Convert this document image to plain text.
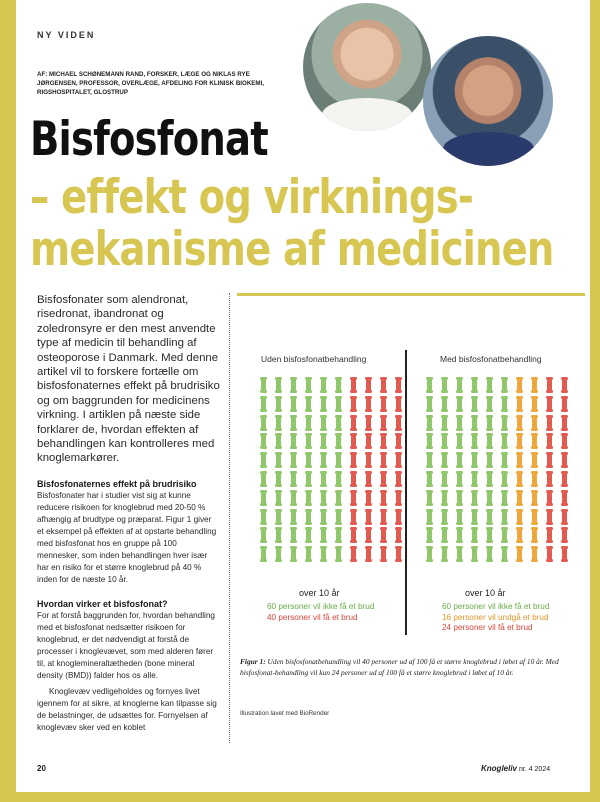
NY VIDEN
AF: MICHAEL SCHØNEMANN RAND, FORSKER, LÆGE OG NIKLAS RYE JØRGENSEN, PROFESSOR, OVERLÆGE, AFDELING FOR KLINISK BIOKEMI, RIGSHOSPITALET, GLOSTRUP
Bisfosfonat
– effekt og virknings-
mekanisme af medicinen

Bisfosfonater som alendronat, risedronat, ibandronat og zoledronsyre er den mest anvendte type af medicin til behandling af osteoporose i Danmark. Med denne artikel vil to forskere fortælle om bisfosfonaternes effekt på brudrisiko og om baggrunden for medicinens virkning. I artiklen på næste side forklarer de, hvordan effekten af behandlingen kan kontrolleres med knoglemarkører.

Bisfosfonaternes effekt på brudrisiko

Bisfosfonater har i studier vist sig at kunne reducere risikoen for knoglebrud med 20-50 % afhængig af brudtype og præparat. Figur 1 giver et eksempel på effekten af at opstarte behandling med bisfosfonat hos en gruppe på 100 mennesker, som inden behandlingen hver især har en risiko for et større knoglebrud på 40 % inden for de næste 10 år.

Hvordan virker et bisfosfonat?

For at forstå baggrunden for, hvordan behandling med et bisfosfonat nedsætter risikoen for knoglebrud, er det nødvendigt at forstå de processer i knoglevævet, som med alderen fører til, at knoglemineraltætheden (bone mineral density (BMD)) falder hos os alle.

Knoglevæv vedligeholdes og fornyes livet igennem for at sikre, at knoglerne kan tilpasse sig de belastninger, de udsættes for. Fornyelsen af knoglevæv sker ved en koblet

Uden bisfosfonatbehandling	Med bisfosfonatbehandling
over 10 år	over 10 år
60 personer vil ikke få et brud
40 personer vil få et brud
60 personer vil ikke få et brud
16 personer vil undgå et brud
24 personer vil få et brud
Figur 1: Uden bisfosfonatbehandling vil 40 personer ud af 100 få et større knoglebrud i løbet af 10 år. Med bisfosfonat-behandling vil kun 24 personer ud af 100 få et større knoglebrud i løbet af 10 år.
Illustration lavet med BioRender
20	Knogleliv nr. 4 2024
